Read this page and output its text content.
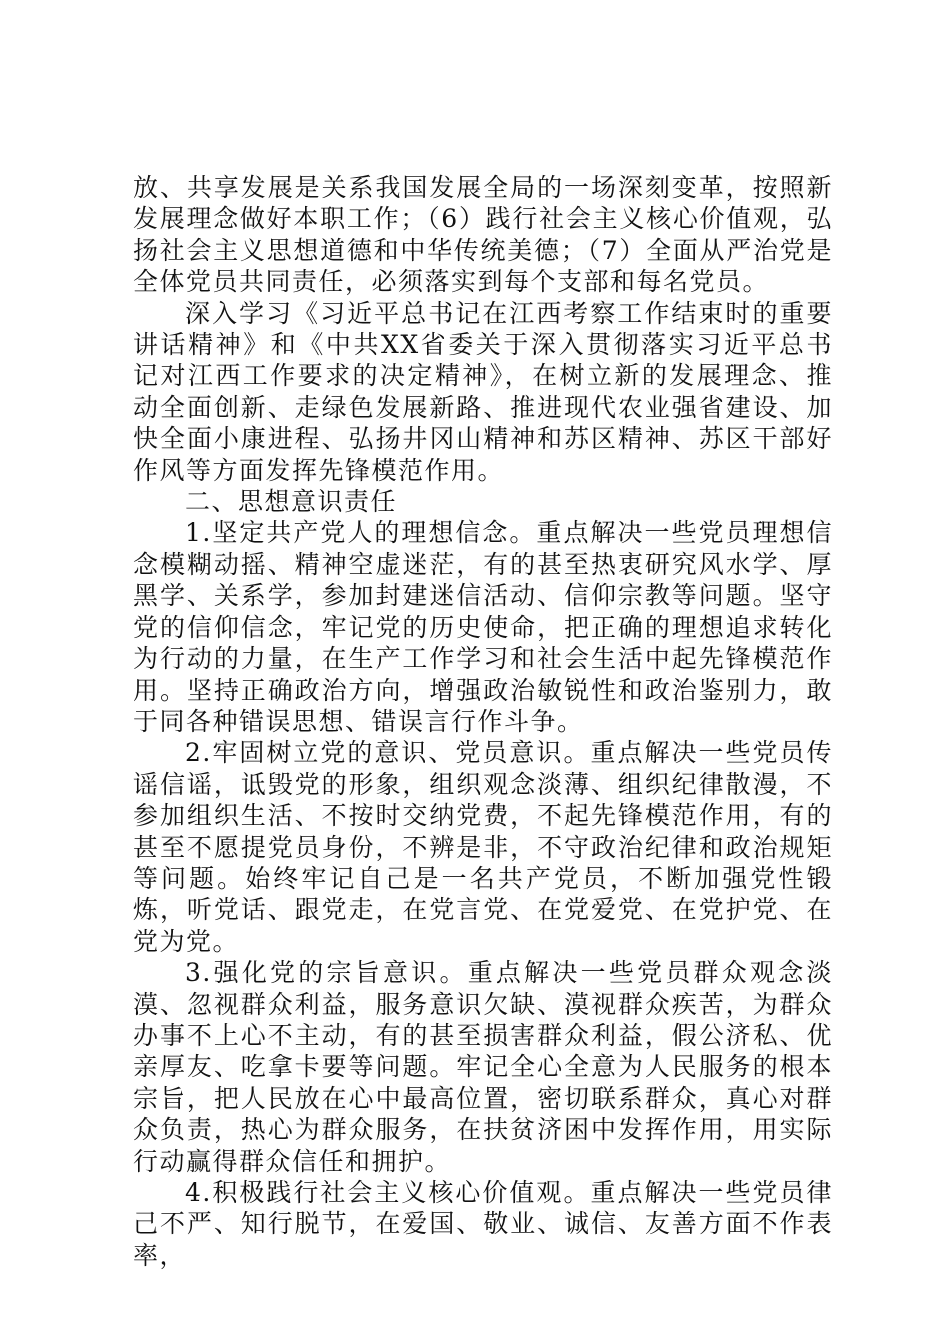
放、共享发展是关系我国发展全局的一场深刻变革，按照新发展理念做好本职工作；（6）践行社会主义核心价值观，弘扬社会主义思想道德和中华传统美德；（7）全面从严治党是全体党员共同责任，必须落实到每个支部和每名党员。

深入学习《习近平总书记在江西考察工作结束时的重要讲话精神》和《中共XX省委关于深入贯彻落实习近平总书记对江西工作要求的决定精神》，在树立新的发展理念、推动全面创新、走绿色发展新路、推进现代农业强省建设、加快全面小康进程、弘扬井冈山精神和苏区精神、苏区干部好作风等方面发挥先锋模范作用。

二、思想意识责任

1.坚定共产党人的理想信念。重点解决一些党员理想信念模糊动摇、精神空虚迷茫，有的甚至热衷研究风水学、厚黑学、关系学，参加封建迷信活动、信仰宗教等问题。坚守党的信仰信念，牢记党的历史使命，把正确的理想追求转化为行动的力量，在生产工作学习和社会生活中起先锋模范作用。坚持正确政治方向，增强政治敏锐性和政治鉴别力，敢于同各种错误思想、错误言行作斗争。

2.牢固树立党的意识、党员意识。重点解决一些党员传谣信谣，诋毁党的形象，组织观念淡薄、组织纪律散漫，不参加组织生活、不按时交纳党费，不起先锋模范作用，有的甚至不愿提党员身份，不辨是非，不守政治纪律和政治规矩等问题。始终牢记自己是一名共产党员，不断加强党性锻炼，听党话、跟党走，在党言党、在党爱党、在党护党、在党为党。

3.强化党的宗旨意识。重点解决一些党员群众观念淡漠、忽视群众利益，服务意识欠缺、漠视群众疾苦，为群众办事不上心不主动，有的甚至损害群众利益，假公济私、优亲厚友、吃拿卡要等问题。牢记全心全意为人民服务的根本宗旨，把人民放在心中最高位置，密切联系群众，真心对群众负责，热心为群众服务，在扶贫济困中发挥作用，用实际行动赢得群众信任和拥护。

4.积极践行社会主义核心价值观。重点解决一些党员律己不严、知行脱节，在爱国、敬业、诚信、友善方面不作表率，
